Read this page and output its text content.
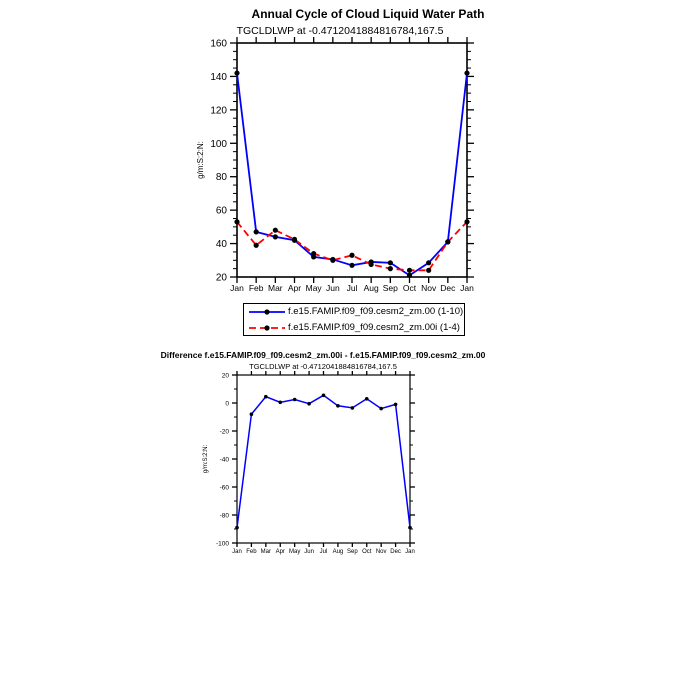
Annual Cycle of Cloud Liquid Water Path
TGCLDLWP at -0.4712041884816784,167.5
Difference f.e15.FAMIP.f09_f09.cesm2_zm.00i - f.e15.FAMIP.f09_f09.cesm2_zm.00
TGCLDLWP at -0.4712041884816784,167.5
20
40
60
80
100
120
140
160
Jan Feb Mar Apr May Jun Jul Aug Sep Oct Nov Dec Jan
g/m:S:2:N:
-100
-80
-60
-40
-20
0
20
Jan Feb Mar Apr May Jun Jul Aug Sep Oct Nov Dec Jan
g/m:S:2:N:
f.e15.FAMIP.f09_f09.cesm2_zm.00 (1-10)
f.e15.FAMIP.f09_f09.cesm2_zm.00i (1-4)
